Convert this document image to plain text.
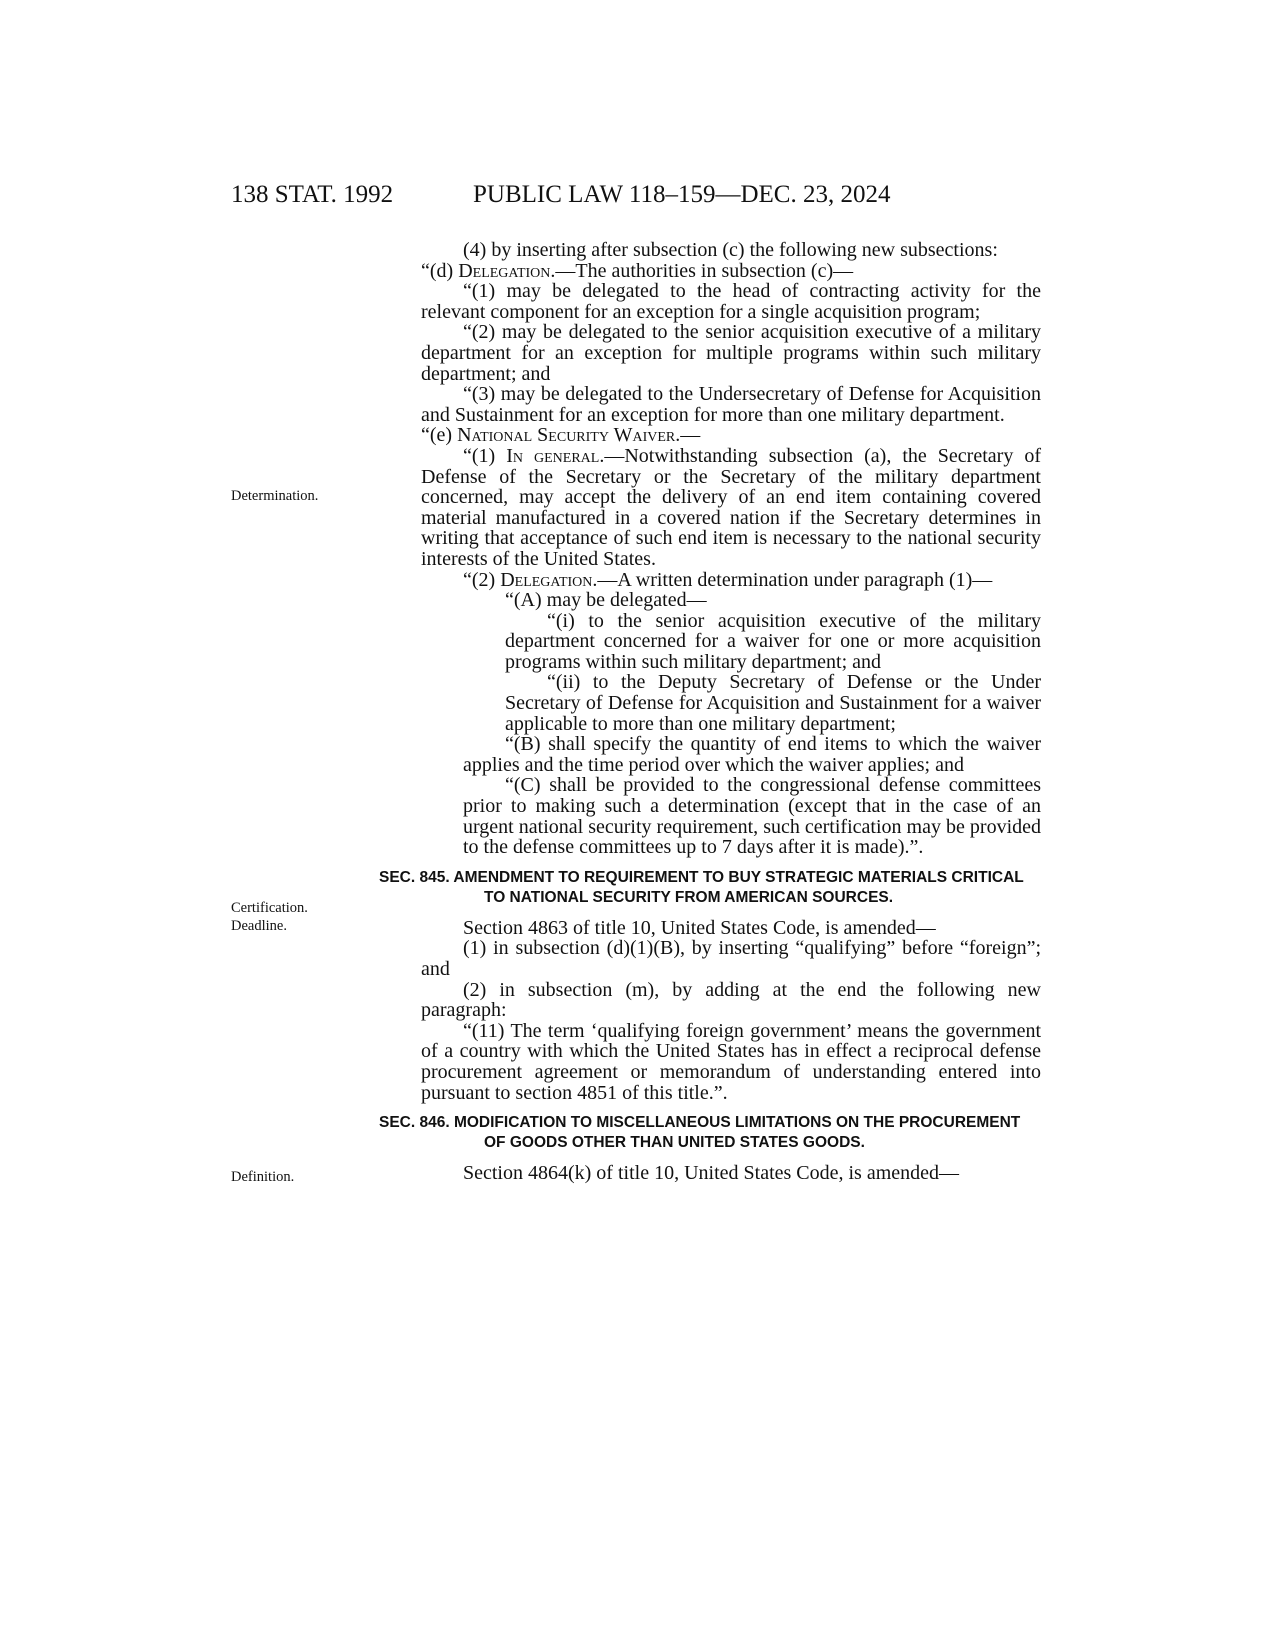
138 STAT. 1992	PUBLIC LAW 118–159—DEC. 23, 2024
Determination.
Certification.
Deadline.
Definition.

(4) by inserting after subsection (c) the following new subsections:

“(d) Delegation.—The authorities in subsection (c)—

“(1) may be delegated to the head of contracting activity for the relevant component for an exception for a single acquisition program;

“(2) may be delegated to the senior acquisition executive of a military department for an exception for multiple programs within such military department; and

“(3) may be delegated to the Undersecretary of Defense for Acquisition and Sustainment for an exception for more than one military department.

“(e) National Security Waiver.—

“(1) In general.—Notwithstanding subsection (a), the Secretary of Defense of the Secretary or the Secretary of the military department concerned, may accept the delivery of an end item containing covered material manufactured in a covered nation if the Secretary determines in writing that acceptance of such end item is necessary to the national security interests of the United States.

“(2) Delegation.—A written determination under paragraph (1)—

“(A) may be delegated—

“(i) to the senior acquisition executive of the military department concerned for a waiver for one or more acquisition programs within such military department; and

“(ii) to the Deputy Secretary of Defense or the Under Secretary of Defense for Acquisition and Sustainment for a waiver applicable to more than one military department;

“(B) shall specify the quantity of end items to which the waiver applies and the time period over which the waiver applies; and

“(C) shall be provided to the congressional defense committees prior to making such a determination (except that in the case of an urgent national security requirement, such certification may be provided to the defense committees up to 7 days after it is made).”.

SEC. 845. AMENDMENT TO REQUIREMENT TO BUY STRATEGIC MATERIALS CRITICAL TO NATIONAL SECURITY FROM AMERICAN SOURCES.

Section 4863 of title 10, United States Code, is amended—

(1) in subsection (d)(1)(B), by inserting “qualifying” before “foreign”; and

(2) in subsection (m), by adding at the end the following new paragraph:

“(11) The term ‘qualifying foreign government’ means the government of a country with which the United States has in effect a reciprocal defense procurement agreement or memorandum of understanding entered into pursuant to section 4851 of this title.”.

SEC. 846. MODIFICATION TO MISCELLANEOUS LIMITATIONS ON THE PROCUREMENT OF GOODS OTHER THAN UNITED STATES GOODS.

Section 4864(k) of title 10, United States Code, is amended—
